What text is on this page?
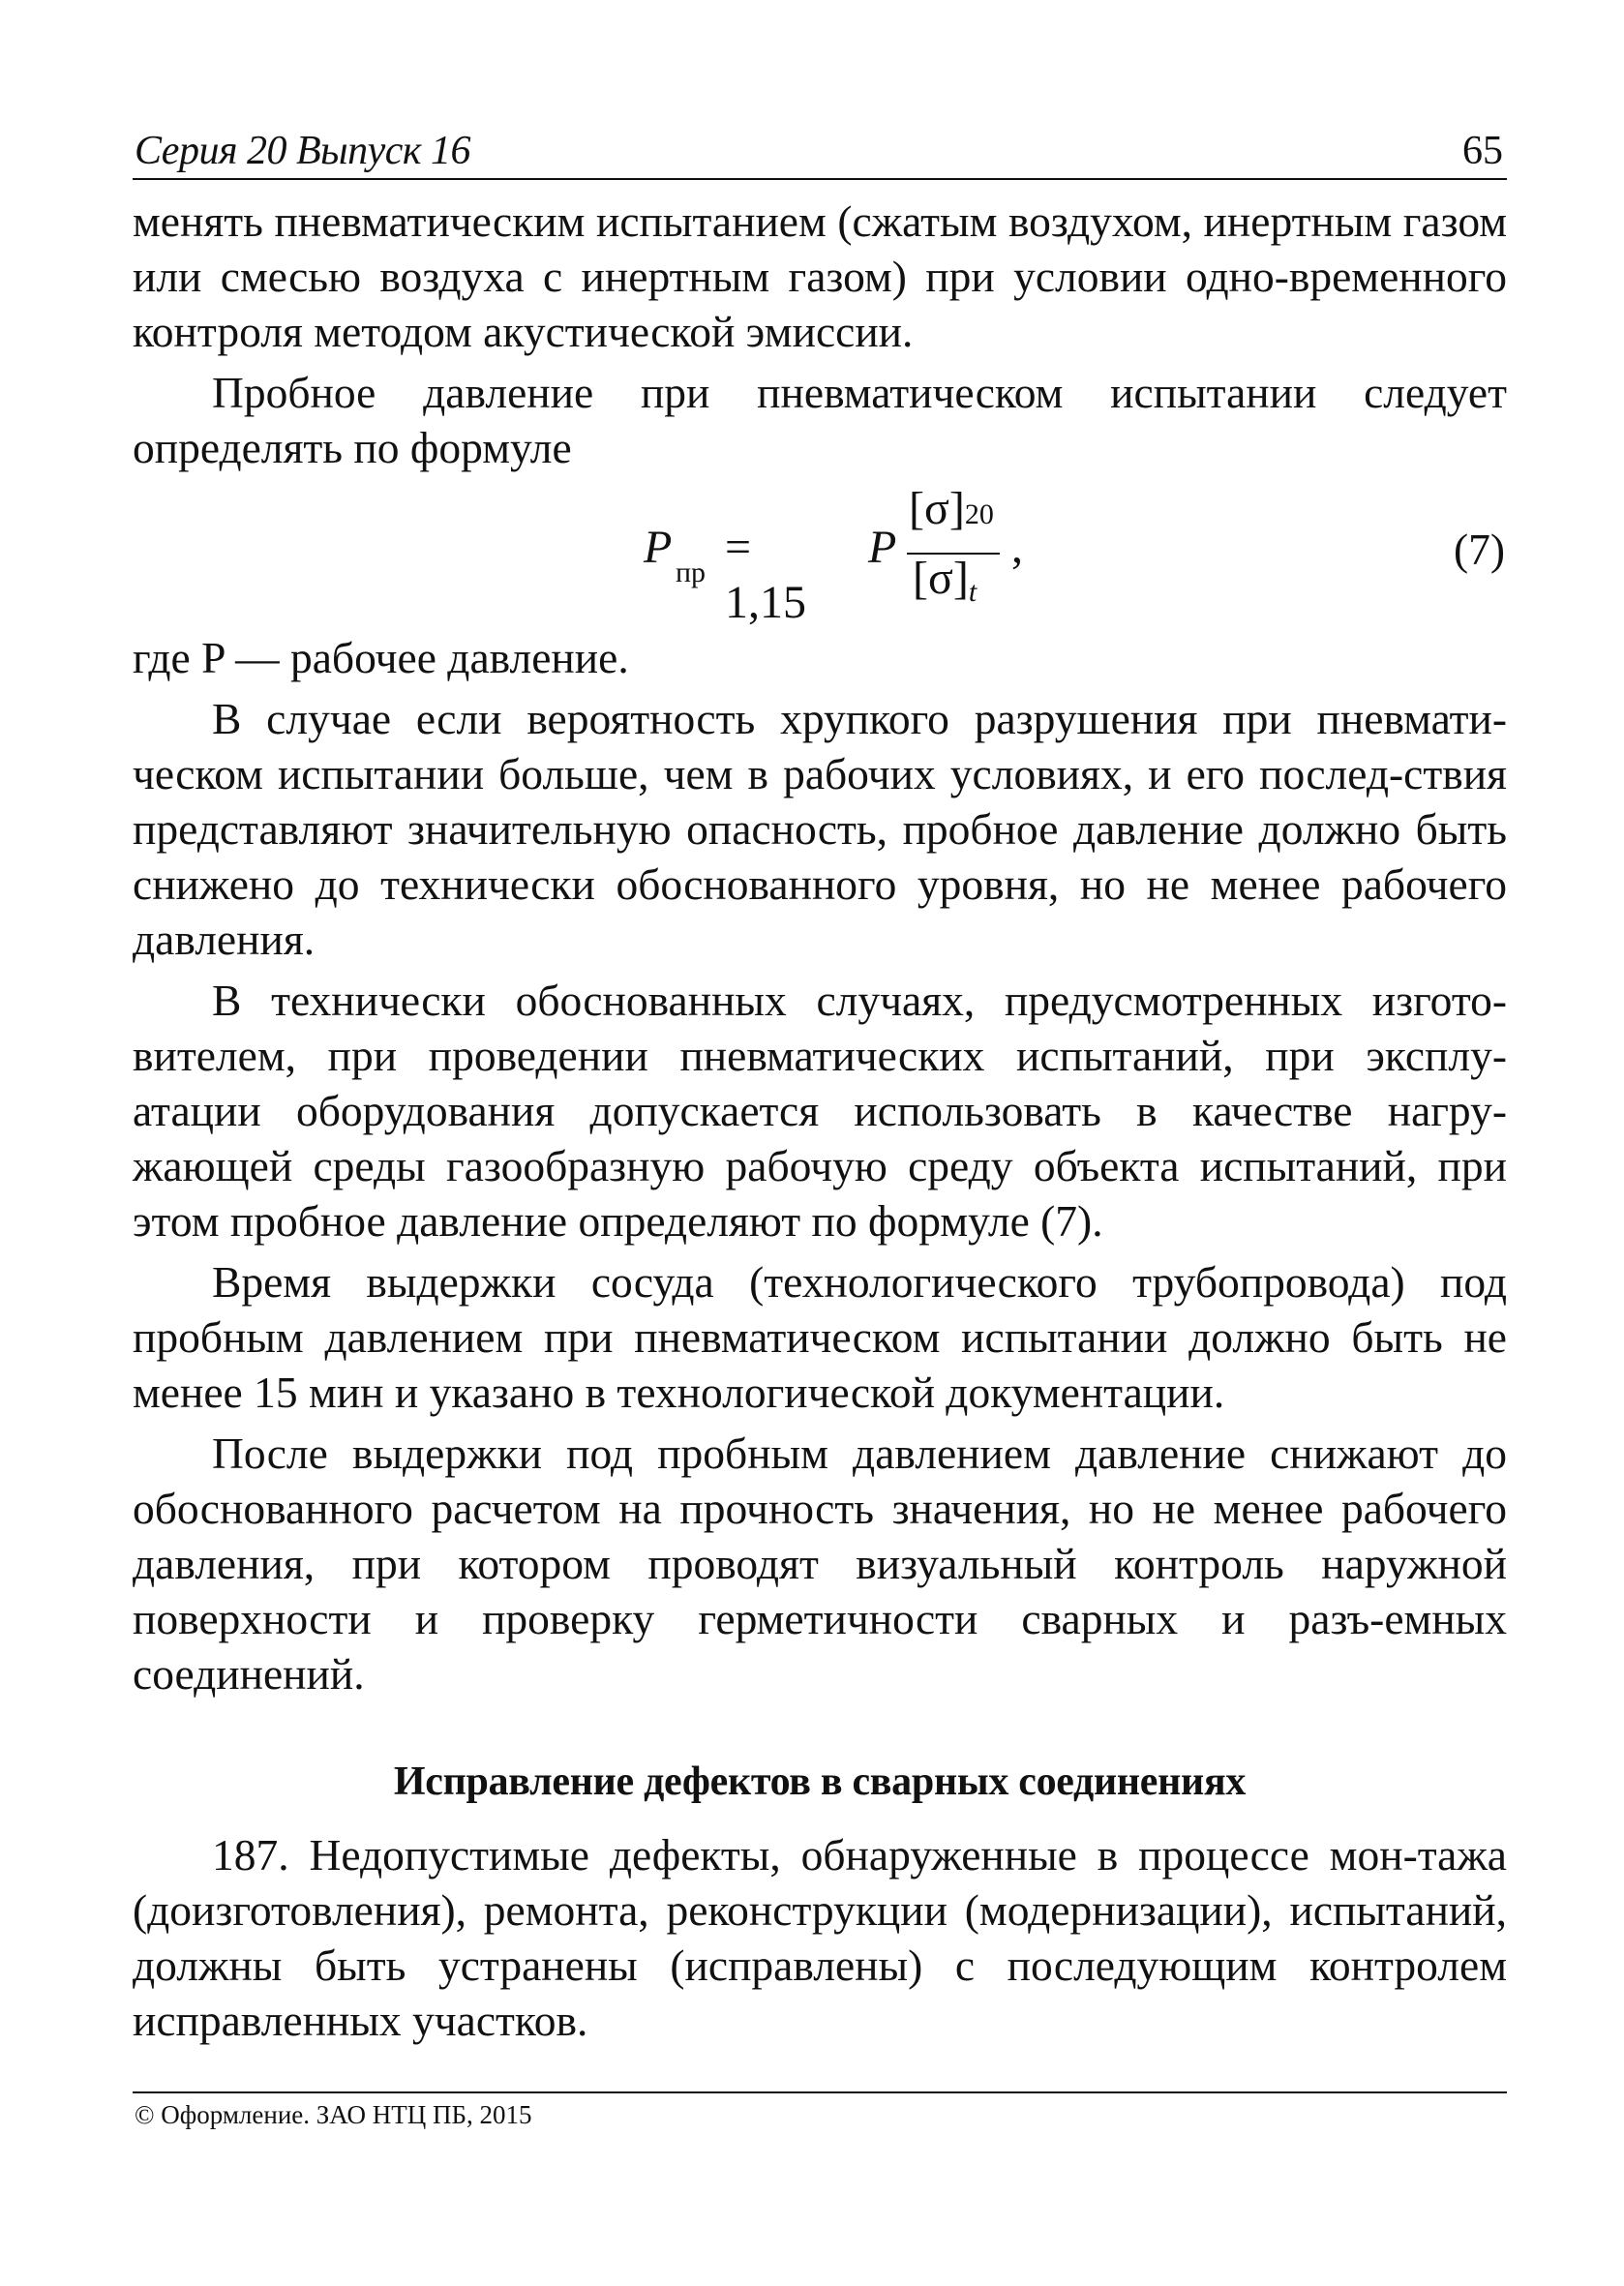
Серия 20 Выпуск 16	65

менять пневматическим испытанием (сжатым воздухом, инертным газом или смесью воздуха с инертным газом) при условии одно-временного контроля методом акустической эмиссии.

Пробное давление при пневматическом испытании следует определять по формуле

P пр = 1,15
P
[σ]20
$[\sigma]_t$
,	(7)

где P — рабочее давление.

В случае если вероятность хрупкого разрушения при пневмати-ческом испытании больше, чем в рабочих условиях, и его послед-ствия представляют значительную опасность, пробное давление должно быть снижено до технически обоснованного уровня, но не менее рабочего давления.

В технически обоснованных случаях, предусмотренных изгото-вителем, при проведении пневматических испытаний, при эксплу-атации оборудования допускается использовать в качестве нагру-жающей среды газообразную рабочую среду объекта испытаний, при этом пробное давление определяют по формуле (7).

Время выдержки сосуда (технологического трубопровода) под пробным давлением при пневматическом испытании должно быть не менее 15 мин и указано в технологической документации.

После выдержки под пробным давлением давление снижают до обоснованного расчетом на прочность значения, но не менее рабочего давления, при котором проводят визуальный контроль наружной поверхности и проверку герметичности сварных и разъ-емных соединений.

Исправление дефектов в сварных соединениях

187. Недопустимые дефекты, обнаруженные в процессе мон-тажа (доизготовления), ремонта, реконструкции (модернизации), испытаний, должны быть устранены (исправлены) с последующим контролем исправленных участков.

© Оформление. ЗАО НТЦ ПБ, 2015
